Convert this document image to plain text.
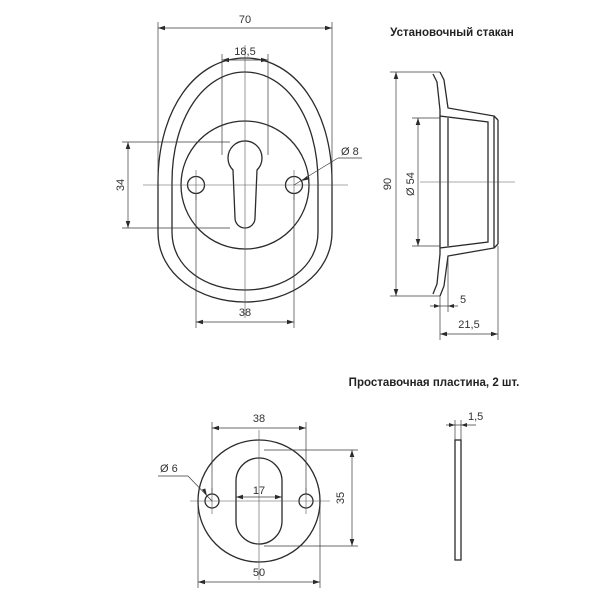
70
18,5
34
Ø 8
38
Установочный стакан
90 Ø 54
5
21,5
Проставочная пластина, 2 шт.
38
Ø 6
17
35
50
1,5
